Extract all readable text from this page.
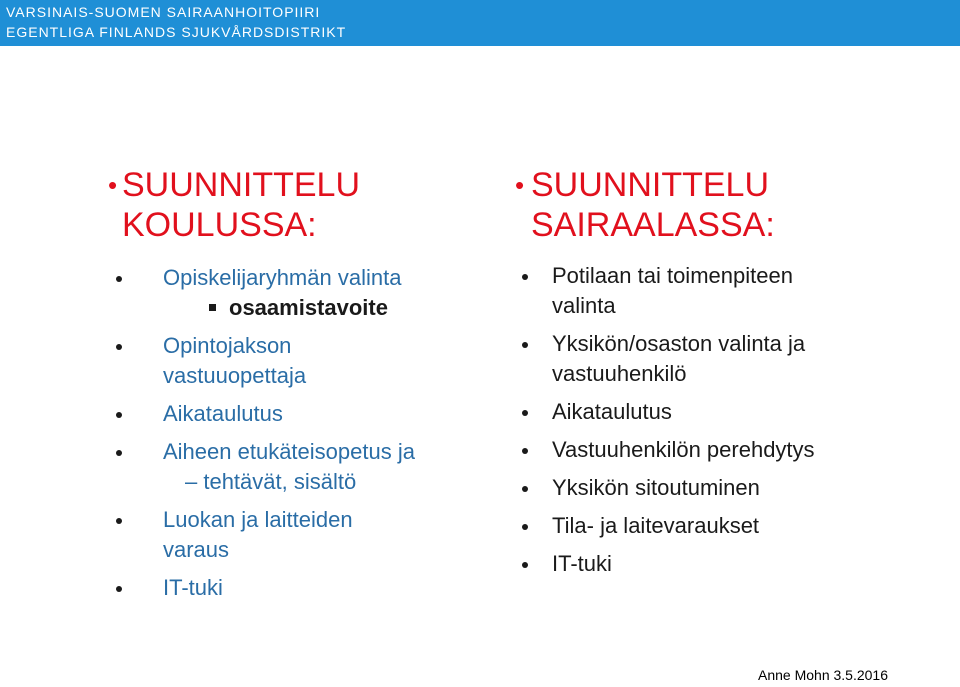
VARSINAIS-SUOMEN SAIRAANHOITOPIIRI
EGENTLIGA FINLANDS SJUKVÅRDSDISTRIKT
• SUUNNITTELU
KOULUSSA:
Opiskelijaryhmän valinta
osaamistavoite
Opintojakson
vastuuopettaja
Aikataulutus
Aiheen etukäteisopetus ja
– tehtävät, sisältö
Luokan ja laitteiden
varaus
IT-tuki
• SUUNNITTELU
SAIRAALASSA:
Potilaan tai toimenpiteen
valinta
Yksikön/osaston valinta ja
vastuuhenkilö
Aikataulutus
Vastuuhenkilön perehdytys
Yksikön sitoutuminen
Tila- ja laitevaraukset
IT-tuki
Anne Mohn 3.5.2016
